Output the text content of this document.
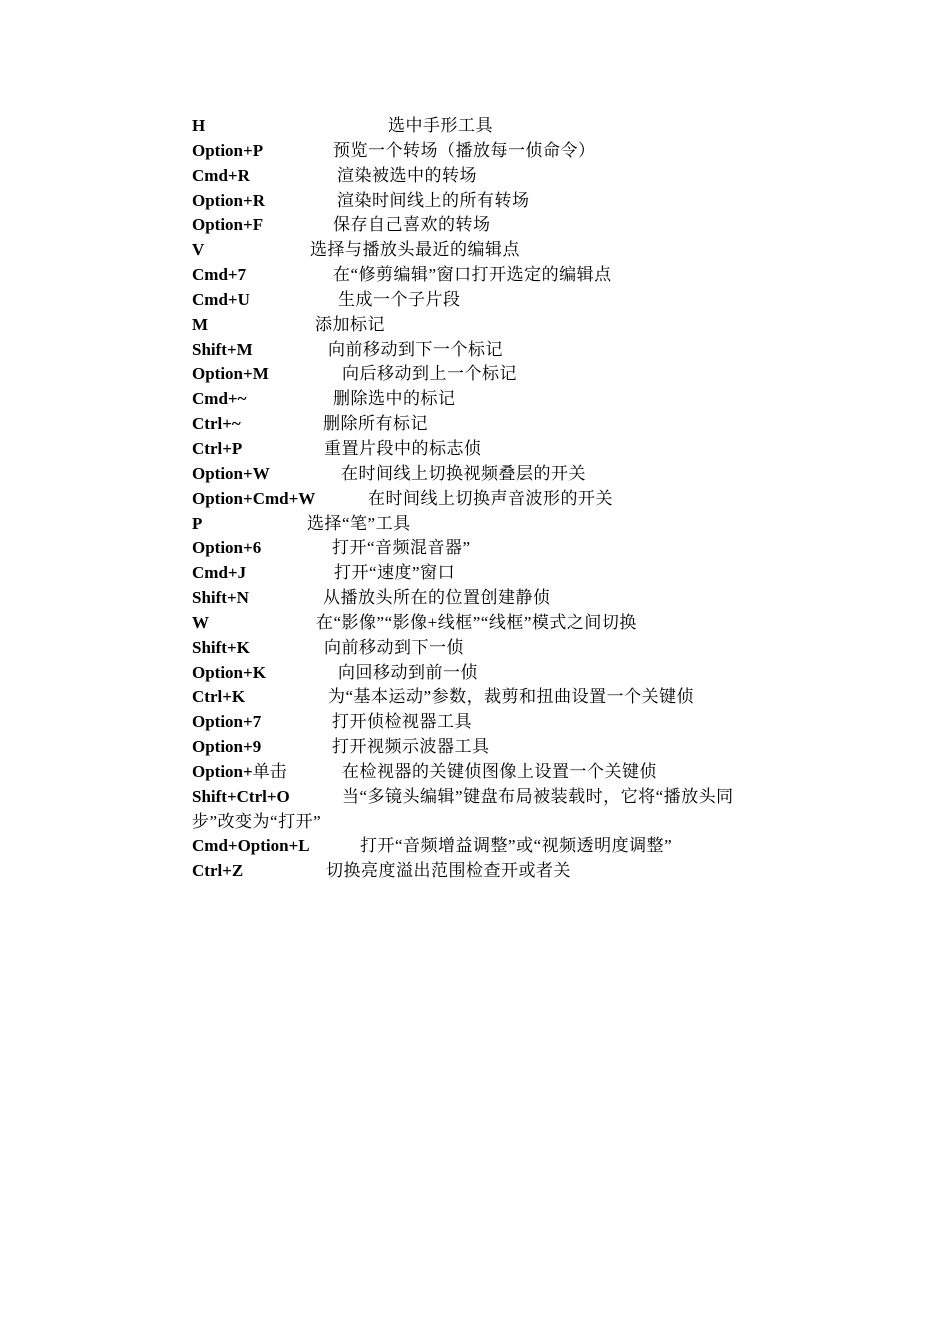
H	选中手形工具
Option+P	预览一个转场（播放每一侦命令）
Cmd+R	渲染被选中的转场
Option+R	渲染时间线上的所有转场
Option+F	保存自己喜欢的转场
V	选择与播放头最近的编辑点
Cmd+7	在“修剪编辑”窗口打开选定的编辑点
Cmd+U	生成一个子片段
M	添加标记
Shift+M	向前移动到下一个标记
Option+M	向后移动到上一个标记
Cmd+~	删除选中的标记
Ctrl+~	删除所有标记
Ctrl+P	重置片段中的标志侦
Option+W	在时间线上切换视频叠层的开关
Option+Cmd+W	在时间线上切换声音波形的开关
P	选择“笔”工具
Option+6	打开“音频混音器”
Cmd+J	打开“速度”窗口
Shift+N	从播放头所在的位置创建静侦
W	在“影像”“影像+线框”“线框”模式之间切换
Shift+K	向前移动到下一侦
Option+K	向回移动到前一侦
Ctrl+K	为“基本运动”参数，裁剪和扭曲设置一个关键侦
Option+7	打开侦检视器工具
Option+9	打开视频示波器工具
Option+单击	在检视器的关键侦图像上设置一个关键侦
Shift+Ctrl+O	当“多镜头编辑”键盘布局被装载时，它将“播放头同
步”改变为“打开”
Cmd+Option+L	打开“音频增益调整”或“视频透明度调整”
Ctrl+Z	切换亮度溢出范围检查开或者关
